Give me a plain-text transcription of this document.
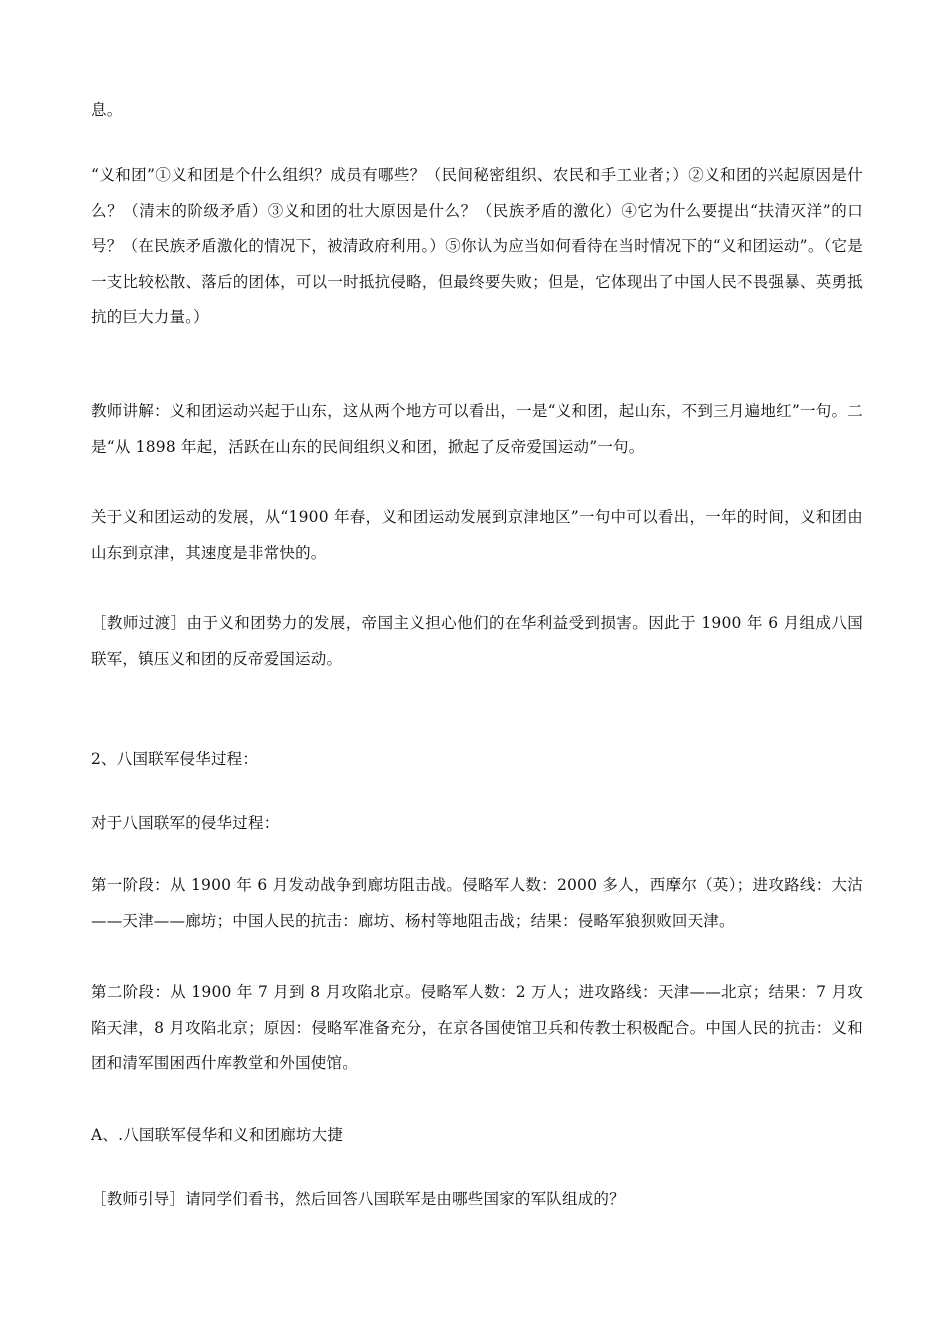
息。

“义和团”①义和团是个什么组织？成员有哪些？（民间秘密组织、农民和手工业者；）②义和团的兴起原因是什么？（清末的阶级矛盾）③义和团的壮大原因是什么？（民族矛盾的激化）④它为什么要提出“扶清灭洋”的口号？（在民族矛盾激化的情况下，被清政府利用。）⑤你认为应当如何看待在当时情况下的“义和团运动”。（它是一支比较松散、落后的团体，可以一时抵抗侵略，但最终要失败；但是，它体现出了中国人民不畏强暴、英勇抵抗的巨大力量。）

教师讲解：义和团运动兴起于山东，这从两个地方可以看出，一是“义和团，起山东，不到三月遍地红”一句。二是“从 1898 年起，活跃在山东的民间组织义和团，掀起了反帝爱国运动”一句。

关于义和团运动的发展，从“1900 年春，义和团运动发展到京津地区”一句中可以看出，一年的时间，义和团由山东到京津，其速度是非常快的。

［教师过渡］由于义和团势力的发展，帝国主义担心他们的在华利益受到损害。因此于 1900 年 6 月组成八国联军，镇压义和团的反帝爱国运动。

2、八国联军侵华过程：

对于八国联军的侵华过程：

第一阶段：从 1900 年 6 月发动战争到廊坊阻击战。侵略军人数：2000 多人，西摩尔（英）；进攻路线：大沽——天津——廊坊；中国人民的抗击：廊坊、杨村等地阻击战；结果：侵略军狼狈败回天津。

第二阶段：从 1900 年 7 月到 8 月攻陷北京。侵略军人数：2 万人；进攻路线：天津——北京；结果：7 月攻陷天津，8 月攻陷北京；原因：侵略军准备充分，在京各国使馆卫兵和传教士积极配合。中国人民的抗击：义和团和清军围困西什库教堂和外国使馆。

A、.八国联军侵华和义和团廊坊大捷

［教师引导］请同学们看书，然后回答八国联军是由哪些国家的军队组成的？
